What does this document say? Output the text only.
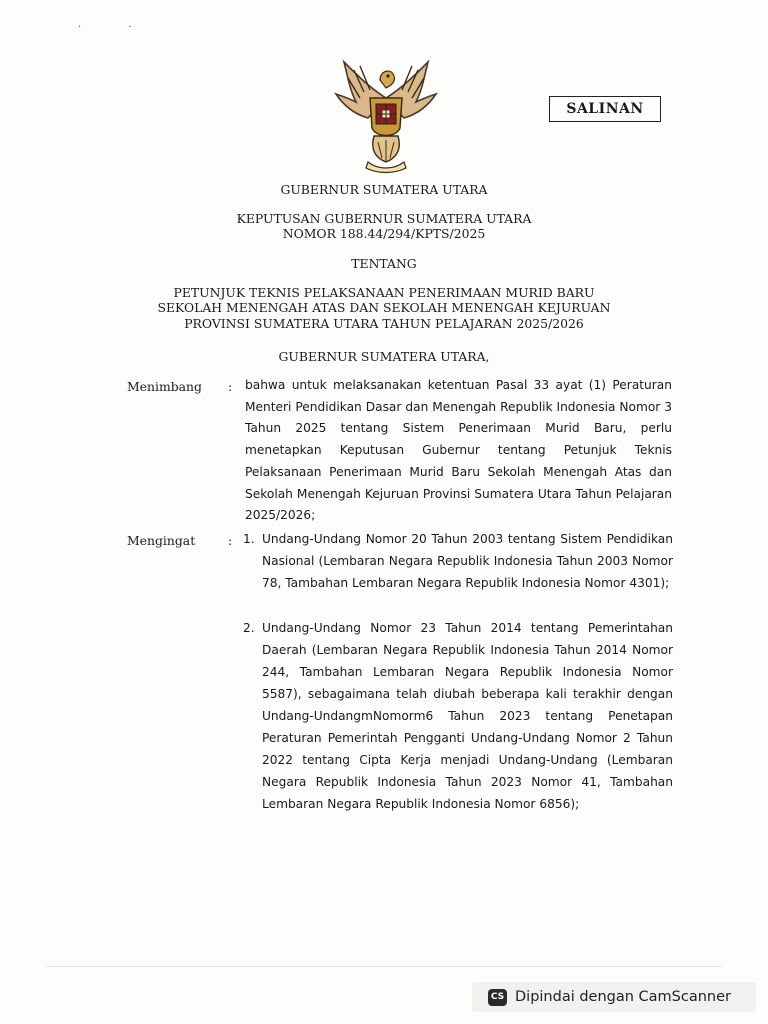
· ·
SALINAN
GUBERNUR SUMATERA UTARA
KEPUTUSAN GUBERNUR SUMATERA UTARA
NOMOR 188.44/294/KPTS/2025
TENTANG
PETUNJUK TEKNIS PELAKSANAAN PENERIMAAN MURID BARU
SEKOLAH MENENGAH ATAS DAN SEKOLAH MENENGAH KEJURUAN
PROVINSI SUMATERA UTARA TAHUN PELAJARAN 2025/2026
GUBERNUR SUMATERA UTARA,
Menimbang : bahwa untuk melaksanakan ketentuan Pasal 33 ayat (1) Peraturan Menteri Pendidikan Dasar dan Menengah Republik Indonesia Nomor 3 Tahun 2025 tentang Sistem Penerimaan Murid Baru, perlu menetapkan Keputusan Gubernur tentang Petunjuk Teknis Pelaksanaan Penerimaan Murid Baru Sekolah Menengah Atas dan Sekolah Menengah Kejuruan Provinsi Sumatera Utara Tahun Pelajaran 2025/2026;
Mengingat	: 1. Undang-Undang Nomor 20 Tahun 2003 tentang Sistem Pendidikan Nasional (Lembaran Negara Republik Indonesia Tahun 2003 Nomor 78, Tambahan Lembaran Negara Republik Indonesia Nomor 4301);
2. Undang-Undang Nomor 23 Tahun 2014 tentang Pemerintahan Daerah (Lembaran Negara Republik Indonesia Tahun 2014 Nomor 244, Tambahan Lembaran Negara Republik Indonesia Nomor 5587), sebagaimana telah diubah beberapa kali terakhir dengan Undang-UndangmNomorm6 Tahun 2023 tentang Penetapan Peraturan Pemerintah Pengganti Undang-Undang Nomor 2 Tahun 2022 tentang Cipta Kerja menjadi Undang-Undang (Lembaran Negara Republik Indonesia Tahun 2023 Nomor 41, Tambahan Lembaran Negara Republik Indonesia Nomor 6856);
CS Dipindai dengan CamScanner
